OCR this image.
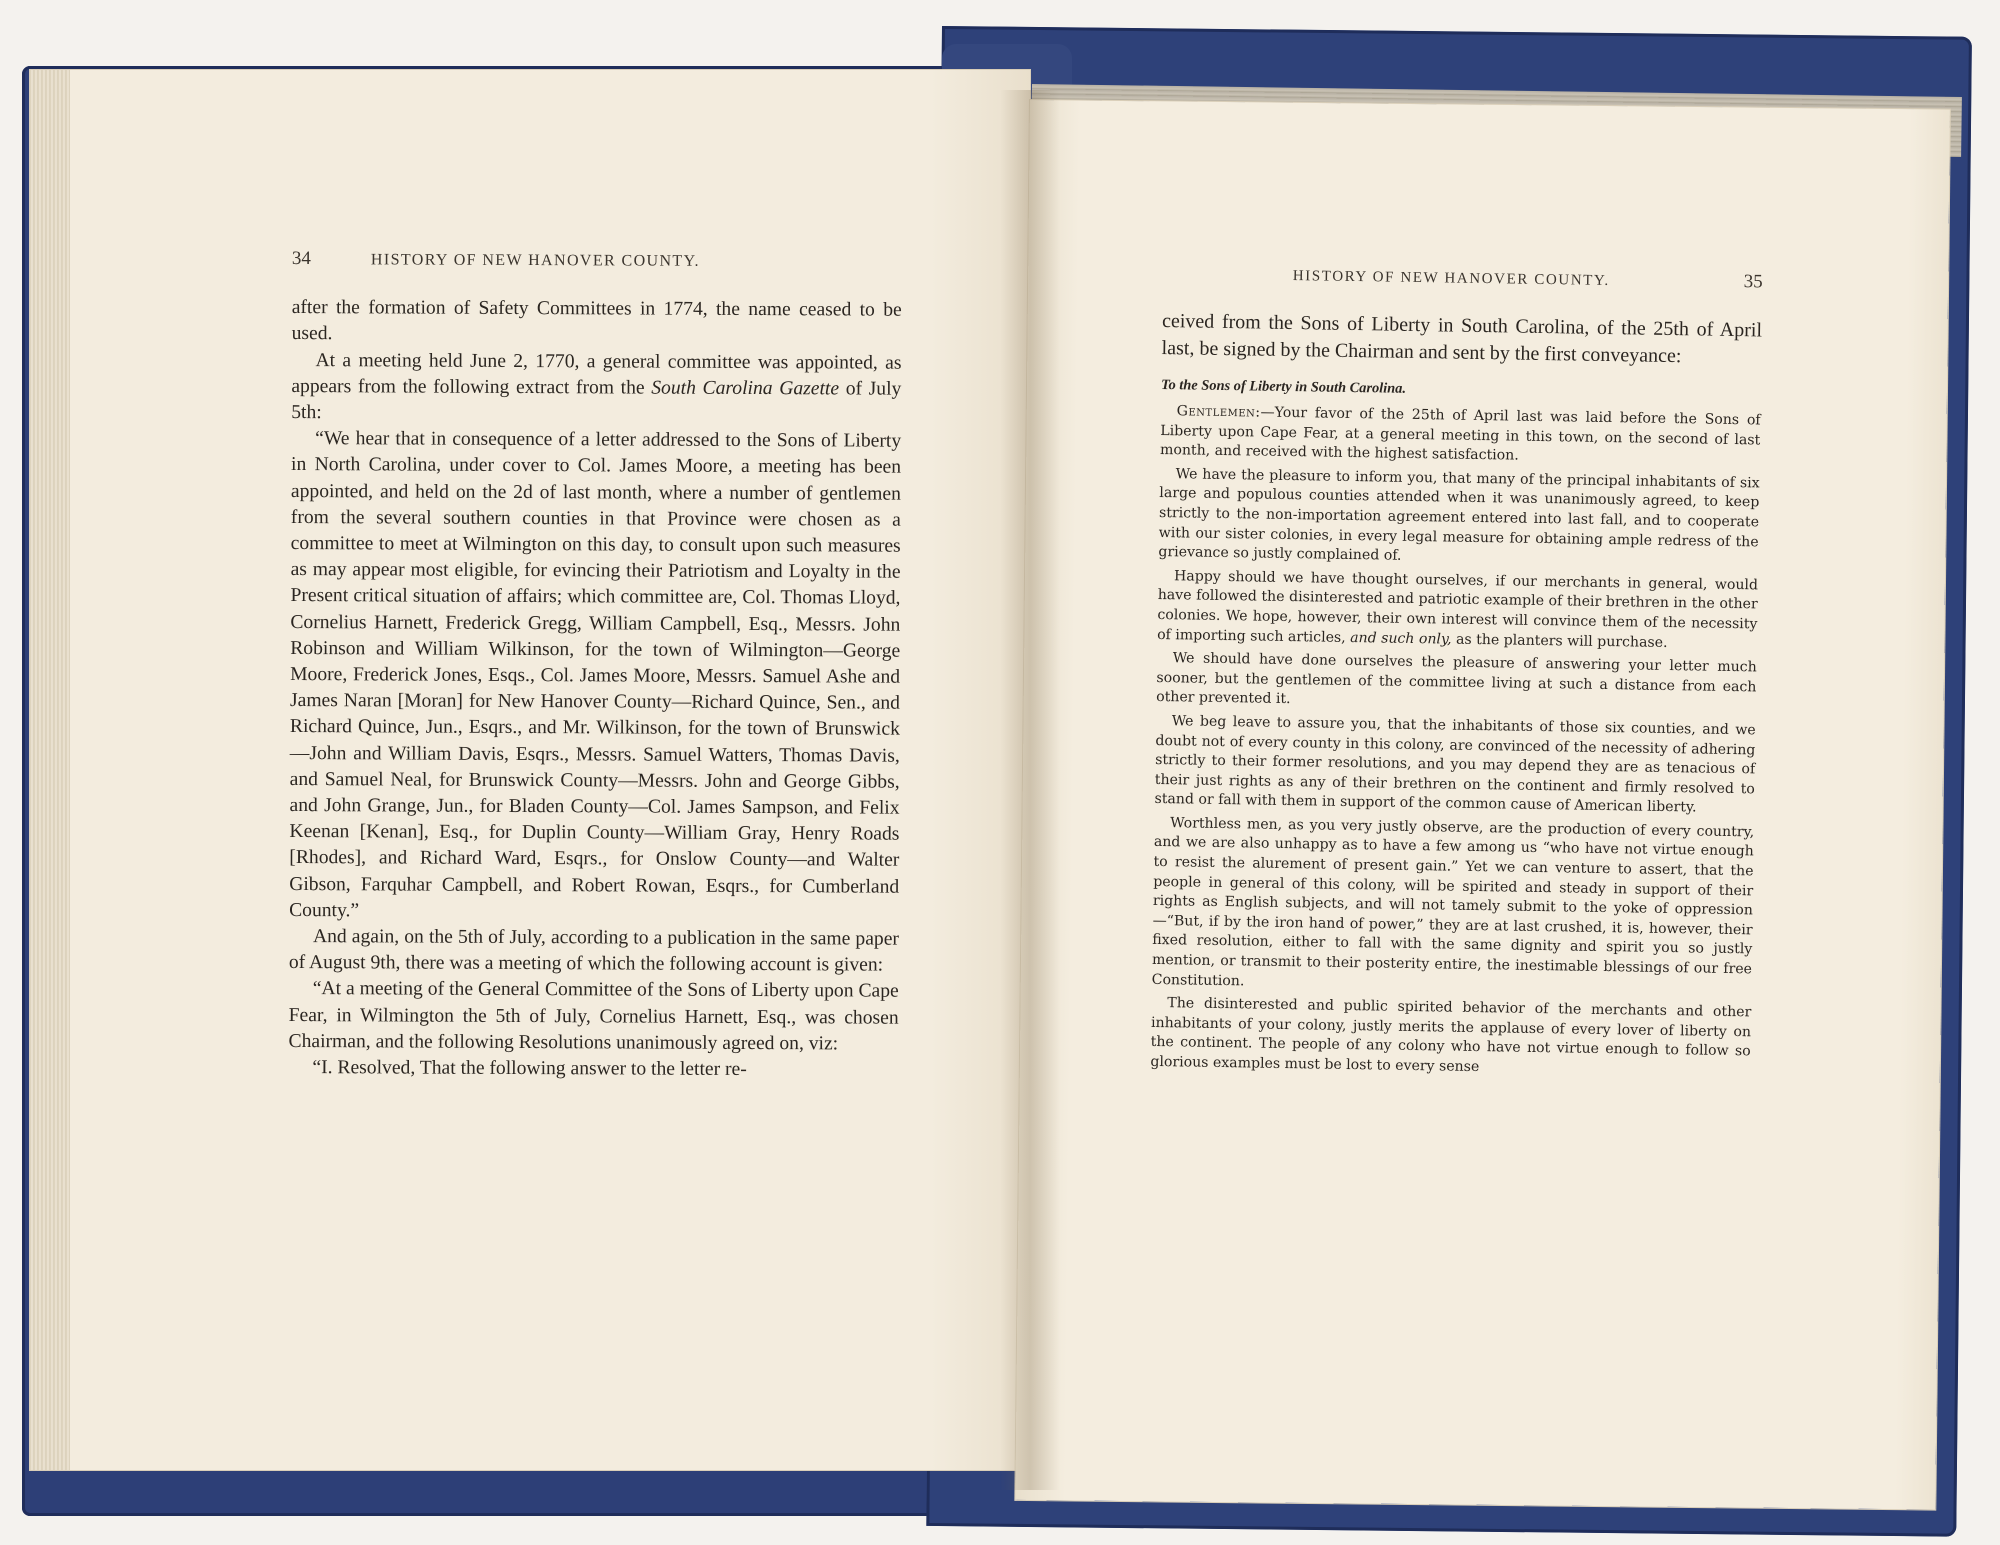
34	HISTORY OF NEW HANOVER COUNTY.

after the formation of Safety Committees in 1774, the name ceased to be used.

At a meeting held June 2, 1770, a general committee was appointed, as appears from the following extract from the South Carolina Gazette of July 5th:

“We hear that in consequence of a letter addressed to the Sons of Liberty in North Carolina, under cover to Col. James Moore, a meeting has been appointed, and held on the 2d of last month, where a number of gentlemen from the several southern counties in that Province were chosen as a committee to meet at Wilmington on this day, to consult upon such measures as may appear most eligible, for evincing their Patriotism and Loyalty in the Present critical situation of affairs; which committee are, Col. Thomas Lloyd, Cornelius Harnett, Frederick Gregg, William Campbell, Esq., Messrs. John Robinson and William Wilkinson, for the town of Wilmington—George Moore, Frederick Jones, Esqs., Col. James Moore, Messrs. Samuel Ashe and James Naran [Moran] for New Hanover County—Richard Quince, Sen., and Richard Quince, Jun., Esqrs., and Mr. Wilkinson, for the town of Brunswick—John and William Davis, Esqrs., Messrs. Samuel Watters, Thomas Davis, and Samuel Neal, for Brunswick County—Messrs. John and George Gibbs, and John Grange, Jun., for Bladen County—Col. James Sampson, and Felix Keenan [Kenan], Esq., for Duplin County—William Gray, Henry Roads [Rhodes], and Richard Ward, Esqrs., for Onslow County—and Walter Gibson, Farquhar Campbell, and Robert Rowan, Esqrs., for Cumberland County.”

And again, on the 5th of July, according to a publication in the same paper of August 9th, there was a meeting of which the following account is given:

“At a meeting of the General Committee of the Sons of Liberty upon Cape Fear, in Wilmington the 5th of July, Cornelius Harnett, Esq., was chosen Chairman, and the following Resolutions unanimously agreed on, viz:

“I. Resolved, That the following answer to the letter re-

HISTORY OF NEW HANOVER COUNTY.	35

ceived from the Sons of Liberty in South Carolina, of the 25th of April last, be signed by the Chairman and sent by the first conveyance:

To the Sons of Liberty in South Carolina.

Gentlemen:—Your favor of the 25th of April last was laid before the Sons of Liberty upon Cape Fear, at a general meeting in this town, on the second of last month, and received with the highest satisfaction.

We have the pleasure to inform you, that many of the principal inhabitants of six large and populous counties attended when it was unanimously agreed, to keep strictly to the non-importation agreement entered into last fall, and to cooperate with our sister colonies, in every legal measure for obtaining ample redress of the grievance so justly complained of.

Happy should we have thought ourselves, if our merchants in general, would have followed the disinterested and patriotic example of their brethren in the other colonies. We hope, however, their own interest will convince them of the necessity of importing such articles, and such only, as the planters will purchase.

We should have done ourselves the pleasure of answering your letter much sooner, but the gentlemen of the committee living at such a distance from each other prevented it.

We beg leave to assure you, that the inhabitants of those six counties, and we doubt not of every county in this colony, are convinced of the necessity of adhering strictly to their former resolutions, and you may depend they are as tenacious of their just rights as any of their brethren on the continent and firmly resolved to stand or fall with them in support of the common cause of American liberty.

Worthless men, as you very justly observe, are the production of every country, and we are also unhappy as to have a few among us “who have not virtue enough to resist the alurement of present gain.” Yet we can venture to assert, that the people in general of this colony, will be spirited and steady in support of their rights as English subjects, and will not tamely submit to the yoke of oppression—“But, if by the iron hand of power,” they are at last crushed, it is, however, their fixed resolution, either to fall with the same dignity and spirit you so justly mention, or transmit to their posterity entire, the inestimable blessings of our free Constitution.

The disinterested and public spirited behavior of the merchants and other inhabitants of your colony, justly merits the applause of every lover of liberty on the continent. The people of any colony who have not virtue enough to follow so glorious examples must be lost to every sense
